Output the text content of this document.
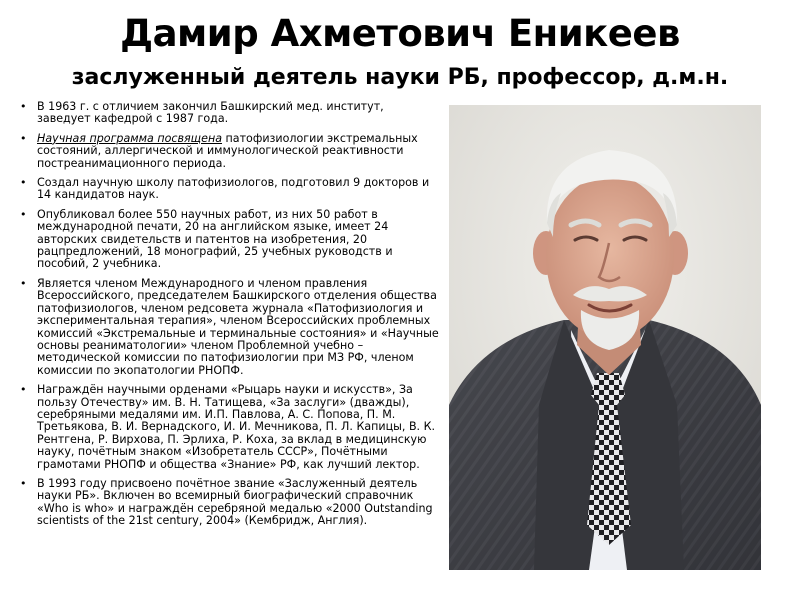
Дамир Ахметович Еникеев
заслуженный деятель науки РБ, профессор, д.м.н.
• В 1963 г. с отличием закончил Башкирский мед. институт, заведует кафедрой с 1987 года.
• Научная программа посвящена патофизиологии экстремальных состояний, аллергической и иммунологической реактивности постреанимационного периода.
• Создал научную школу патофизиологов, подготовил 9 докторов и 14 кандидатов наук.
• Опубликовал более 550 научных работ, из них 50 работ в международной печати, 20 на английском языке, имеет 24 авторских свидетельств и патентов на изобретения, 20 рацпредложений, 18 монографий, 25 учебных руководств и пособий, 2 учебника.
• Является членом Международного и членом правления Всероссийского, председателем Башкирского отделения общества патофизиологов, членом редсовета журнала «Патофизиология и экспериментальная терапия», членом Всероссийских проблемных комиссий «Экстремальные и терминальные состояния» и «Научные основы реаниматологии» членом Проблемной учебно – методической комиссии по патофизиологии при МЗ РФ, членом комиссии по экопатологии РНОПФ.
• Награждён научными орденами «Рыцарь науки и искусств», За пользу Отечеству» им. В. Н. Татищева, «За заслуги» (дважды), серебряными медалями им. И.П. Павлова, А. С. Попова, П. М. Третьякова, В. И. Вернадского, И. И. Мечникова, П. Л. Капицы, В. К. Рентгена, Р. Вирхова, П. Эрлиха, Р. Коха, за вклад в медицинскую науку, почётным знаком «Изобретатель СССР», Почётными грамотами РНОПФ и общества «Знание» РФ, как лучший лектор.
• В 1993 году присвоено почётное звание «Заслуженный деятель науки РБ». Включен во всемирный биографический справочник «Who is who» и награждён серебряной медалью «2000 Outstanding scientists of the 21st century, 2004» (Кембридж, Англия).
